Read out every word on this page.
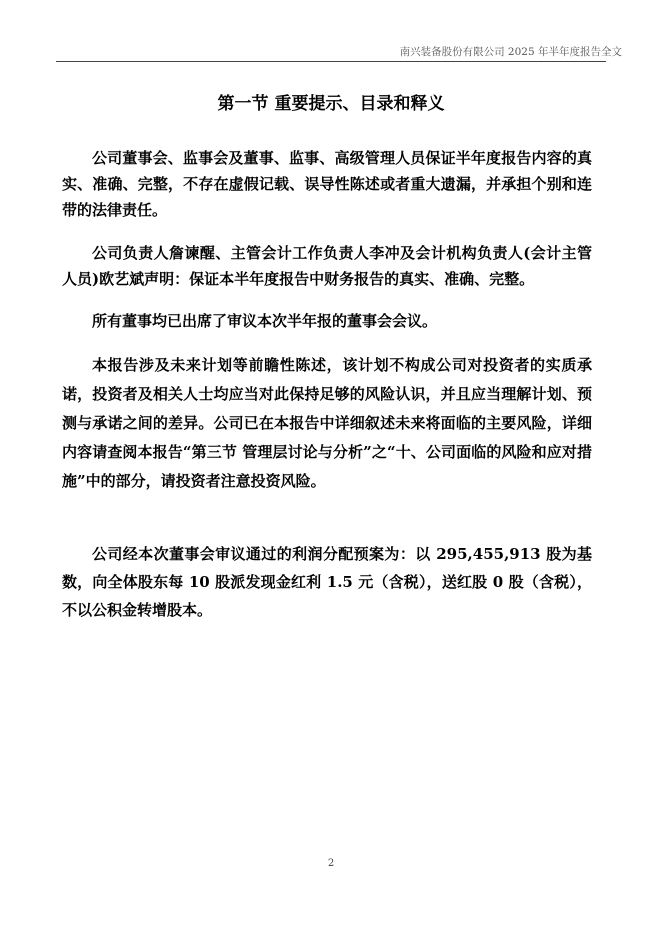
南兴装备股份有限公司 2025 年半年度报告全文
第一节 重要提示、目录和释义

公司董事会、监事会及董事、监事、高级管理人员保证半年度报告内容的真实、准确、完整，不存在虚假记载、误导性陈述或者重大遗漏，并承担个别和连带的法律责任。

公司负责人詹谏醒、主管会计工作负责人李冲及会计机构负责人(会计主管人员)欧艺斌声明：保证本半年度报告中财务报告的真实、准确、完整。

所有董事均已出席了审议本次半年报的董事会会议。

本报告涉及未来计划等前瞻性陈述，该计划不构成公司对投资者的实质承诺，投资者及相关人士均应当对此保持足够的风险认识，并且应当理解计划、预测与承诺之间的差异。公司已在本报告中详细叙述未来将面临的主要风险，详细内容请查阅本报告“第三节 管理层讨论与分析”之“十、公司面临的风险和应对措施”中的部分，请投资者注意投资风险。

公司经本次董事会审议通过的利润分配预案为：以 295,455,913 股为基数，向全体股东每 10 股派发现金红利 1.5 元（含税），送红股 0 股（含税），不以公积金转增股本。

2
